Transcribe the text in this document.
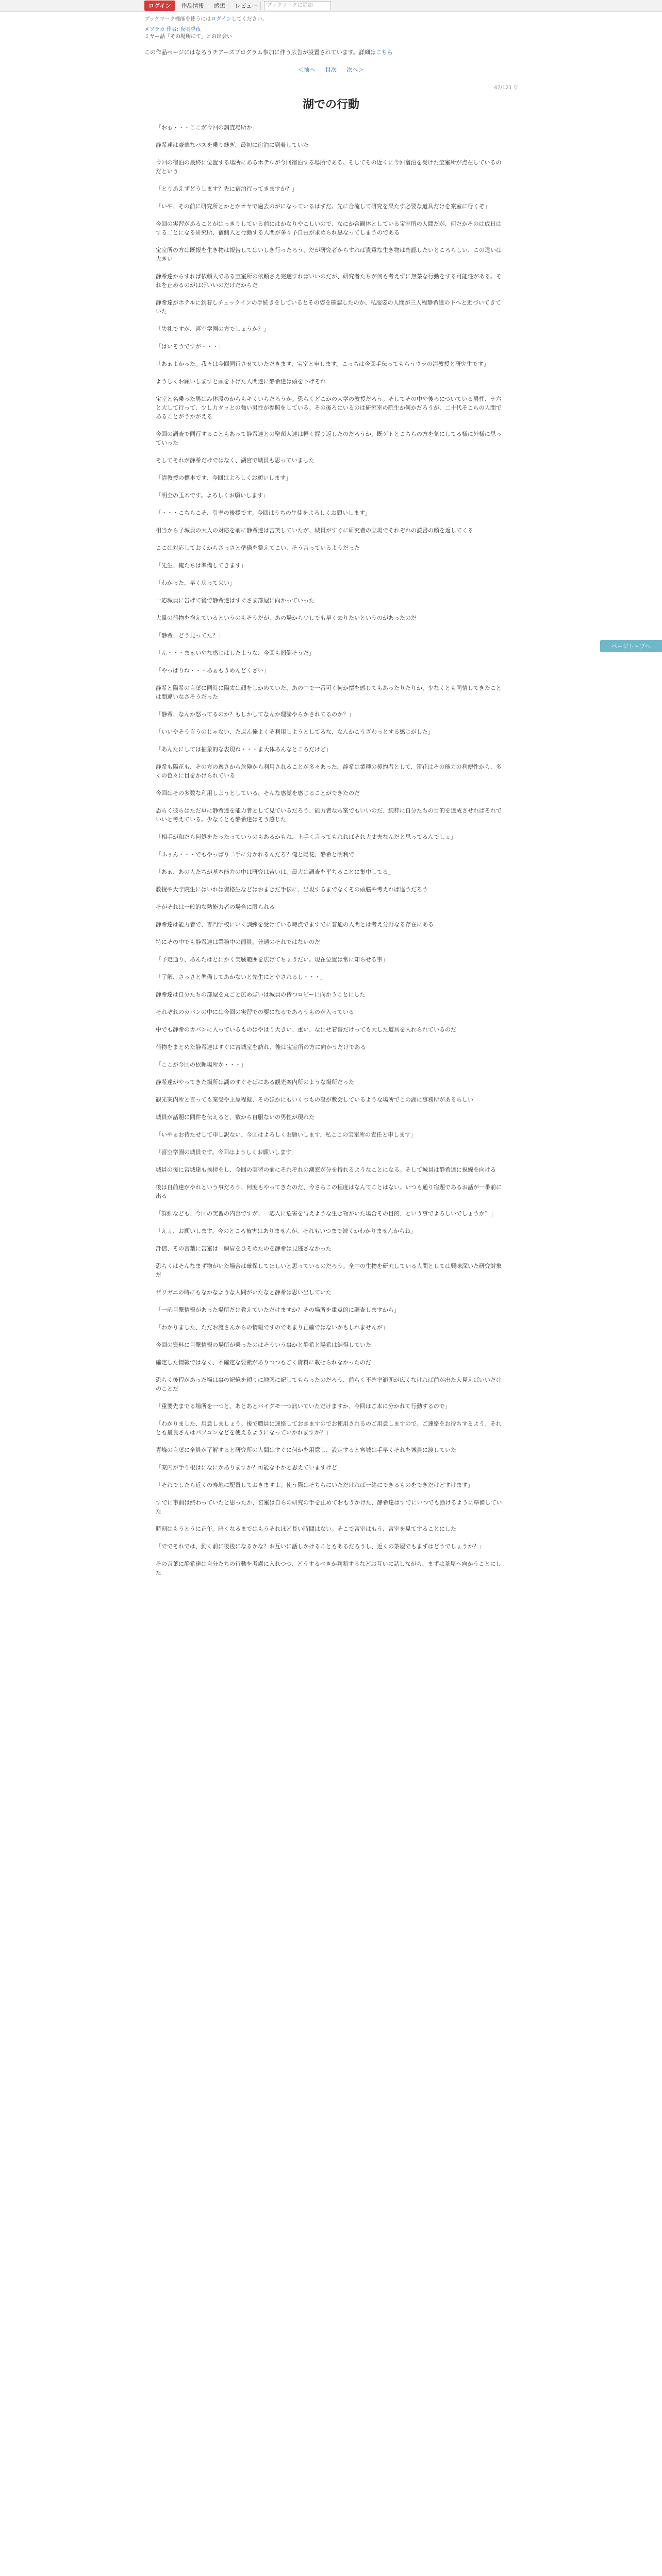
ログイン	作品情報	感想	レビュー	ブックマークに追加
ブックマーク機能を使うにはログインしてください。
メソラカ 作者: 夜明季夜
ミヤー話「その場所にて」との出会い
この作品ページにはなろうチアーズプログラム参加に伴う広告が設置されています。詳細はこちら
＜前へ 目次 次へ＞
47/121 ▽
湖での行動

「おぉ・・・ここが今回の調査場所か」

静希達は豪華なバスを乗り継ぎ、最初に宿泊に到着していた

今回の宿泊の最終に位置する場所にあるホテルが今回宿泊する場所である。そしてその近くに今回宿泊を受けた宝室所が点在しているのだという

「とりあえずどうします？先に宿泊行ってきますか？」

「いや、その前に研究所とかとかオヤで過去のがになっているはずだ。先に合流して研究を果たす必要な道具だけを案室に行くぞ」

今回の実習があることがはっきりしている前にはかなりやこしいので、なにか合観体としている宝室所の人間だが、何だかそのは成日はする二とになる研究所、宿側人と行動する人間が多々予自由が求められ黒なってしまうのである

宝室所の方は既報を生き物は報告してはいしき行ったろう、だが研究者からすれば貴重な生き物は確認したいところらしい、この違いは大きい

静希達からすれば依頼人である宝室所の依頼さえ完遂すればいいのだが、研究者たちが何も考えずに無茶な行動をする可能性がある。それを止めるのがはげいいのだけだからだ

静希達がホテルに到着しチェックインの手続きをしているとその姿を確認したのか、私服姿の人間が三人程静希達の下へと近づいてきていた

「失礼ですが、喜空学園の方でしょうか？」

「はいそうですが・・・」

「あぁよかった。我々は今回同行させていただきます、宝室と申します。こっちは今回手伝ってもらうウラの清教授と研究生です」

ようしくお願いしますと頭を下げた人間達に静希達は頭を下げそれ

宝室と名乗った男はみ体段のからもキくいらだろうか。恐らくどこかの大学の教授だろう。そしてその中や後ろについている男性、ナ六と大して行って、少し力タッとの強い男性が参照をしている。その後ろにいるのは研究室の院生か何かだろうが、二十代そこらの人間であることがうかがえる

今回の調査で同行することもあって静希達との聖菌人達は軽く握り返したのだろうか、既ゲトとこちらの方を気にしてる様に外様に思っていった

そしてそれが静希だけではなく、湖官で城員も思っていました

「清教授の標本です、今回はよろしくお願いします」

「明全の玉木です。よろしくお願いします」

「・・・こちらこそ、引率の後援です。今回はうちの生徒をよろしくお願いします」

相当から子城員の大人の対応を前に静希達は苦笑していたが、城員がすぐに研究者の立場でそれぞれの読書の顔を返してくる

ここは対応しておくからさっさと準備を整えてこい、そう言っているようだった

「先生、俺たちは準備してきます」

「わかった、早く戻って来い」

一応城員に告げて後で静希達はすぐさま部屋に向かっていった

大量の荷物を抱えているというのもそうだが、あの場から少しでも早く去りたいというのがあったのだ

「静希、どう見ってた？」

「ん・・・まぁいやな感じはしたような、今回も面倒そうだ」

「やっぱりね・・・あぁもうめんどくさい」

静希と陽希の言葉に同時に陽太は顔をしかめていた、あの中で一番可く何か懐を感じてもあったりたりか、少なくとも同情してきたことは間違いなさそうだった

「静希、なんか怒ってるのか？もしかしてなんか理論やらかされてるのか？」

「いいやそう言うのじゃない、たぶん俺よくそ利用しようとしてるな、なんかこうざわっとする感じがした」

「あんたにしては抽象的な表現ね・・・ま大体あんなところだけど」

静希も陽花も、その方の逸さから危険から利用されることが多々あった。静希は業種の契約者として、雷花はその能力の利便性から、多くの色々に目をかけられている

今回はその多数な利用しようとしている、そんな感覚を感じることができたのだ

恐らく彼らはただ単に静希達を能力者として見ているだろう、能力者なら案でもいいのだ、純粋に自分たちの目的を達成させればそれでいいと考えている。少なくとも静希達はそう感じた

「相手が和だら何処をたったっていうのもあるかもね、上手く言ってもれればそれ大丈夫なんだと思ってるんでしょ」

「ふぅん・・・でもやっぱり二手に分かれるんだろ？俺と陽花、静希と明利で」

「あぁ、あの人たちが基本能力の中は研究は苦いは、最大は調査を平ちることに集中してる」

教授や大学院生にはいれは資格生などはおまきだ手伝に、出現するまでなくその頭脳や考えれば違うだろう

そがそれは一般的な熱能力者の場合に限られる

静希達は能力者で、専門学校にいく訓練を受けている時点でますでに普通の人間とは考え分野なる存在にある

特にその中でも静希達は業務中の面員、普通のそれではないのだ

「予定通り、あんたはとにかく実験範囲を広げてちょうだい。現在位置は常に知らせる事」

「了解、さっさと準備してあかないと先生にどやされるし・・・」

静希達は自分たちの部屋を丸ごと広めぼいは城員の待つロビーに向かうことにした

それぞれのカバンの中には今回の実習での要になるであろうものが入っている

中でも静希のカバンに入っているものはやはり大きい、重い、なにせ着替だけっても大した道具を入れられているのだ

荷物をまとめた静希達はすぐに宮城室を訪れ、後は宝室所の方に向かうだけである

「ここが今回の依頼場所か・・・」

静希達がやってきた場所は湖のすぐそばにある観光案内所のような場所だった

観光案内所と言っても案受や上屋程擬、そのほかにもいくつもの設が敷会しているような場所でこの湖に事務所があるらしい

城員が話題に同件を伝えると、数から自服ないの男性が現れた

「いやぁお待たせして申し訳ない、今回はよろしくお願いします、私ここの宝室所の責任と申します」

「喜空学園の城員です。今回はようしくお願いします」

城員の後に宮城達も挨拶をし、今回の実習の前にそれぞれの潮窓が分を持れるようなことになる。そして城員は静希達に視線を向ける

後は自前達がやれという事だろう、何度もやってきたのだ、今さらこの程度はなんてことはない。いつも通り宿題であるお話が一番前に出る

「詳細なども、今回の実習の内容ですが、一応人に危害を与えような生き物がいた場合その目的、という事でよろしいでしょうか？」

「えぇ、お願いします。今のところ被害はありませんが、それもいつまで続くかわかりませんからね」

計信、その言葉に宮室は一瞬眉をひそめたのを静希は見逃さなかった

恐らくはそんなまず物がいた場合は確保してほしいと思っているのだろう。全中の生物を研究している人間としては興味深いた研究対象だ

ザリガニの時にもなかなような人間がいたなと静希は思い出していた

「一応目撃情報があった場所だけ教えていただけますか？その場所を重点的に調査しますから」

「わかりました、ただお渡さんからの情報ですのであまり正確ではないかもしれませんが」

今回の資料に目撃情報の場所が乗ったのはそういう事かと静希と陽希は納得していた

確定した情報ではなく、不確定な要素がありつつもごく資料に載せられなかったのだ

恐らく後程があった場は事の記憶を頼りに地図に記してもらったのだろう、前らく不確率範囲が広くなければ前が出た人見えばいいだけのことだ

「重要先までる場所を一つと、あとあとバイグモ一つ訊いていただけますか、今回はご本に分かれて行動するので」

「わかりました、用意しましょう。後で職員に連絡しておきますのでお使用されるのご用意しますので。ご連絡をお待ちするよう。それとも最良さんはパソコンなどを使えるようになっていかれますか？」

青峰の言葉に全員が了解すると研究所の人間はすぐに何かを用意し、設定すると宮城は手早くそれを城員に渡していた

「案内が手り根はになにかありますか？可能な不かと思えていますけど」

「それでしたら近くの寿地に配置しておきますよ。使う際はそちらにいただければ一緒にできるものをできだけどすけます」

すでに事前は終わっていたと思ったか、宮室は自らの研究の手を止めておもうかけた、静希達はすでにいつでも動けるように準備していた

時刻はもうとうに正午。暗くなるまではもうそれほど長い時間はない。そこで宮室はもう、宮室を見てすることにした

「ででそれでは、動く前に後後になるかな？お互いに話しかけることもあるだろうし、近くの茶屋でもまずはどうでしょうか？」

その言葉に静希達は自分たちの行動を考慮に入れつつ、どうするべきか判断するなどお互いに話しながら、まずは茶屋へ向かうことにした

ページトップへ
